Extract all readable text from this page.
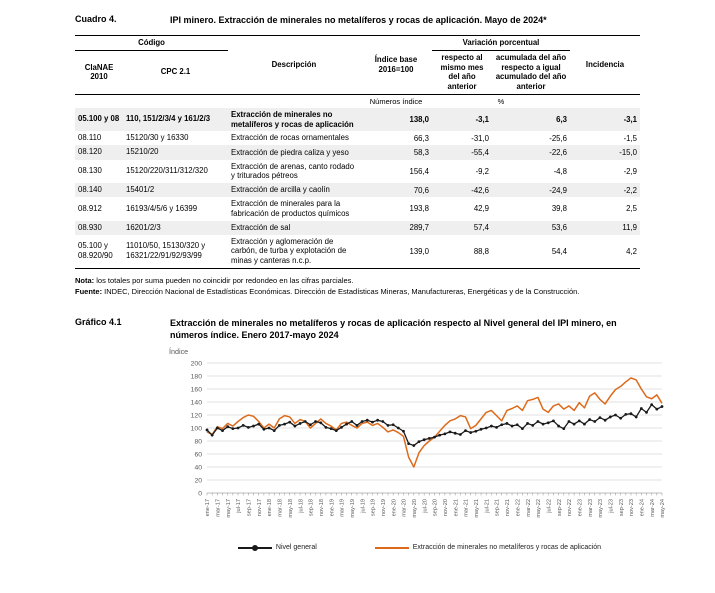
Cuadro 4.	IPI minero. Extracción de minerales no metalíferos y rocas de aplicación. Mayo de 2024*
Código		Descripción	Índice base 2016=100	Variación porcentual		Incidencia
ClaNAE 2010	CPC 2.1			respecto al mismo mes del año anterior	acumulada del año respecto a igual acumulado del año anterior	
			Números índice	%		
05.100 y 08	110, 151/2/3/4 y 161/2/3	Extracción de minerales no metalíferos y rocas de aplicación	138,0	-3,1	6,3	-3,1
08.110	15120/30 y 16330	Extracción de rocas ornamentales	66,3	-31,0	-25,6	-1,5
08.120	15210/20	Extracción de piedra caliza y yeso	58,3	-55,4	-22,6	-15,0
08.130	15120/220/311/312/320	Extracción de arenas, canto rodado y triturados pétreos	156,4	-9,2	-4,8	-2,9
08.140	15401/2	Extracción de arcilla y caolín	70,6	-42,6	-24,9	-2,2
08.912	16193/4/5/6 y 16399	Extracción de minerales para la fabricación de productos químicos	193,8	42,9	39,8	2,5
08.930	16201/2/3	Extracción de sal	289,7	57,4	53,6	11,9
05.100 y 08.920/90	11010/50, 15130/320 y 16321/22/91/92/93/99	Extracción y aglomeración de carbón, de turba y explotación de minas y canteras n.c.p.	139,0	88,8	54,4	4,2
Nota: los totales por suma pueden no coincidir por redondeo en las cifras parciales.
Fuente: INDEC, Dirección Nacional de Estadísticas Económicas. Dirección de Estadísticas Mineras, Manufactureras, Energéticas y de la Construcción.
Gráfico 4.1	Extracción de minerales no metalíferos y rocas de aplicación respecto al Nivel general del IPI minero, en números índice. Enero 2017-mayo 2024
Índice
0
20
40
60
80
100
120
140
160
180
200
ene-17 mar-17 may-17 jul-17 sep-17 nov-17 ene-18 mar-18 may-18 jul-18 sep-18 nov-18 ene-19 mar-19 may-19 jul-19 sep-19 nov-19 ene-20 mar-20 may-20 jul-20 sep-20 nov-20 ene-21 mar-21 may-21 jul-21 sep-21 nov-21 ene-22 mar-22 may-22 jul-22 sep-22 nov-22 ene-23 mar-23 may-23 jul-23 sep-23 nov-23 ene-24 mar-24 may-24
Nivel general	Extracción de minerales no metalíferos y rocas de aplicación
